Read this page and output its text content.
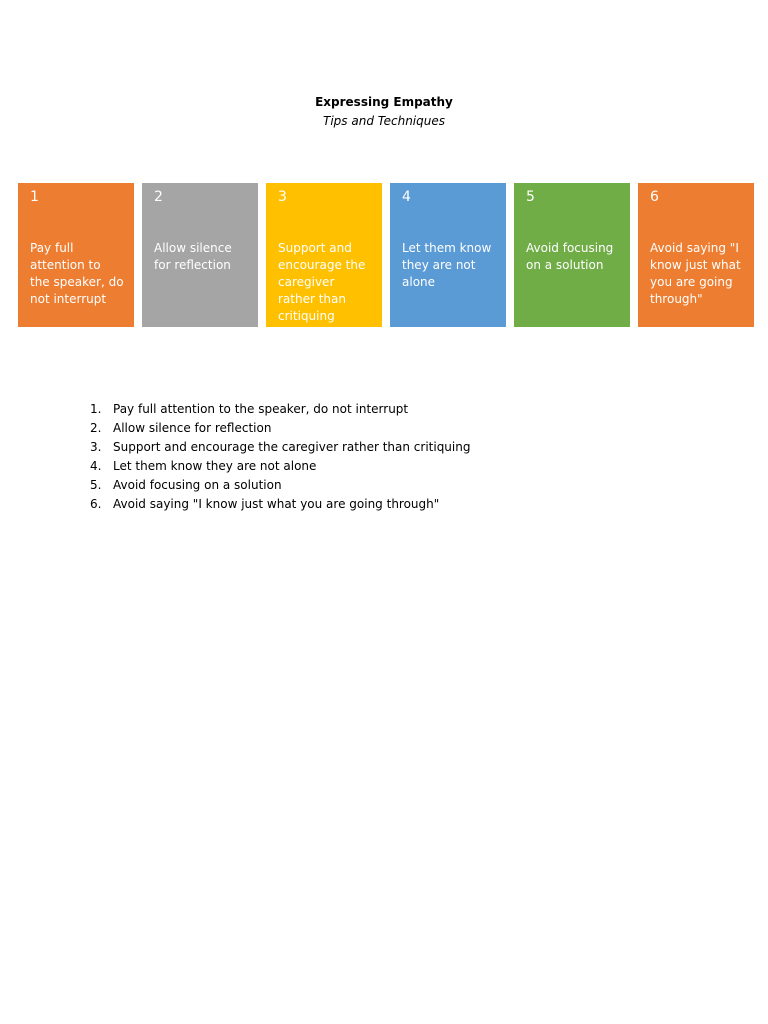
Expressing Empathy
Tips and Techniques
1
Pay full attention to the speaker, do not interrupt
2
Allow silence for reflection
3
Support and encourage the caregiver rather than critiquing
4
Let them know they are not alone
5
Avoid focusing on a solution
6
Avoid saying "I know just what you are going through"
1. Pay full attention to the speaker, do not interrupt
2. Allow silence for reflection
3. Support and encourage the caregiver rather than critiquing
4. Let them know they are not alone
5. Avoid focusing on a solution
6. Avoid saying "I know just what you are going through"
